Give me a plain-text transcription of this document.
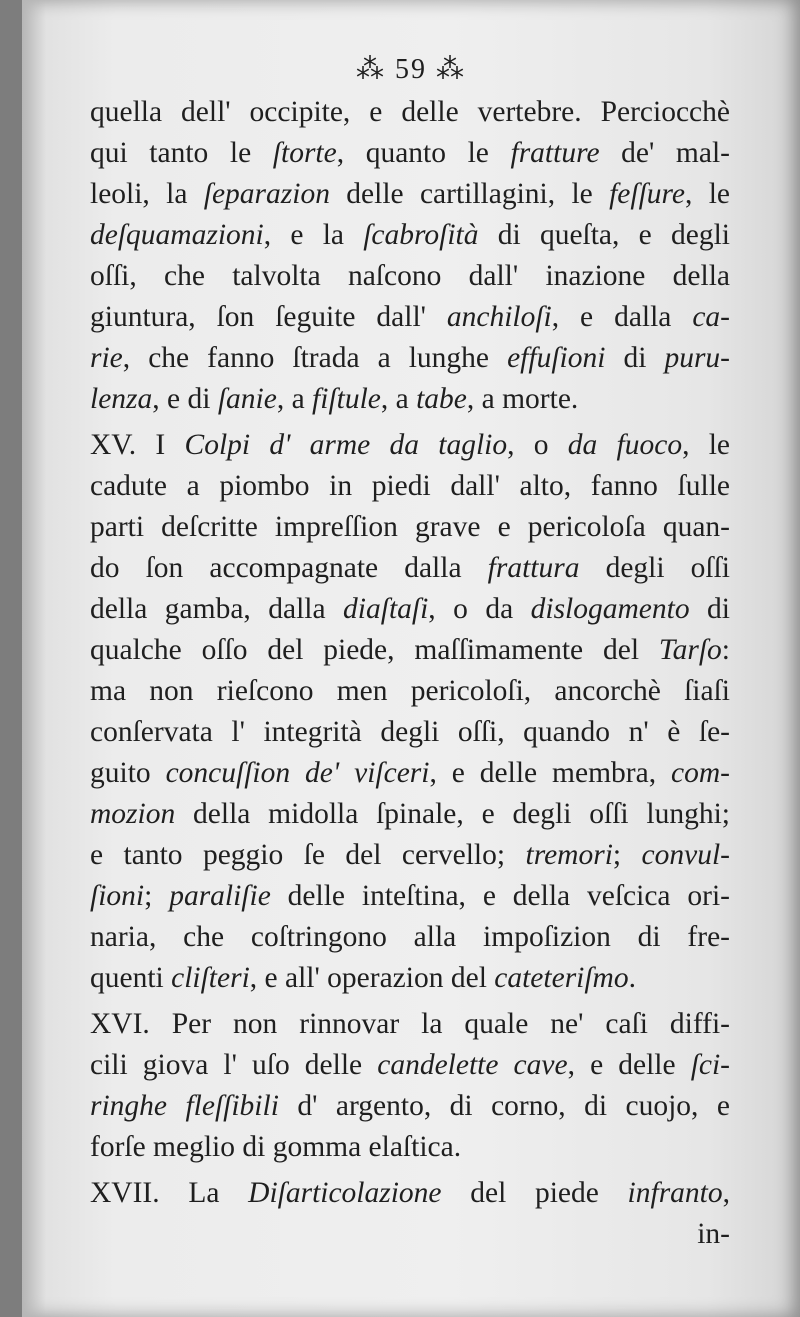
⁂ 59 ⁂
quella dell' occipite, e delle vertebre. Perciocchè
qui tanto le ſtorte, quanto le fratture de' mal-
leoli, la ſeparazion delle cartillagini, le feſſure, le
deſquamazioni, e la ſcabroſità di queſta, e degli
oſſi, che talvolta naſcono dall' inazione della
giuntura, ſon ſeguite dall' anchiloſi, e dalla ca-
rie, che fanno ſtrada a lunghe effuſioni di puru-
lenza, e di ſanie, a fiſtule, a tabe, a morte.
XV. I Colpi d' arme da taglio, o da fuoco, le
cadute a piombo in piedi dall' alto, fanno ſulle
parti deſcritte impreſſion grave e pericoloſa quan-
do ſon accompagnate dalla frattura degli oſſi
della gamba, dalla diaſtaſi, o da dislogamento di
qualche oſſo del piede, maſſimamente del Tarſo:
ma non rieſcono men pericoloſi, ancorchè ſiaſi
conſervata l' integrità degli oſſi, quando n' è ſe-
guito concuſſion de' viſceri, e delle membra, com-
mozion della midolla ſpinale, e degli oſſi lunghi;
e tanto peggio ſe del cervello; tremori; convul-
ſioni; paraliſie delle inteſtina, e della veſcica ori-
naria, che coſtringono alla impoſizion di fre-
quenti cliſteri, e all' operazion del cateteriſmo.
XVI. Per non rinnovar la quale ne' caſi diffi-
cili giova l' uſo delle candelette cave, e delle ſci-
ringhe fleſſibili d' argento, di corno, di cuojo, e
forſe meglio di gomma elaſtica.
XVII. La Diſarticolazione del piede infranto,
in-
